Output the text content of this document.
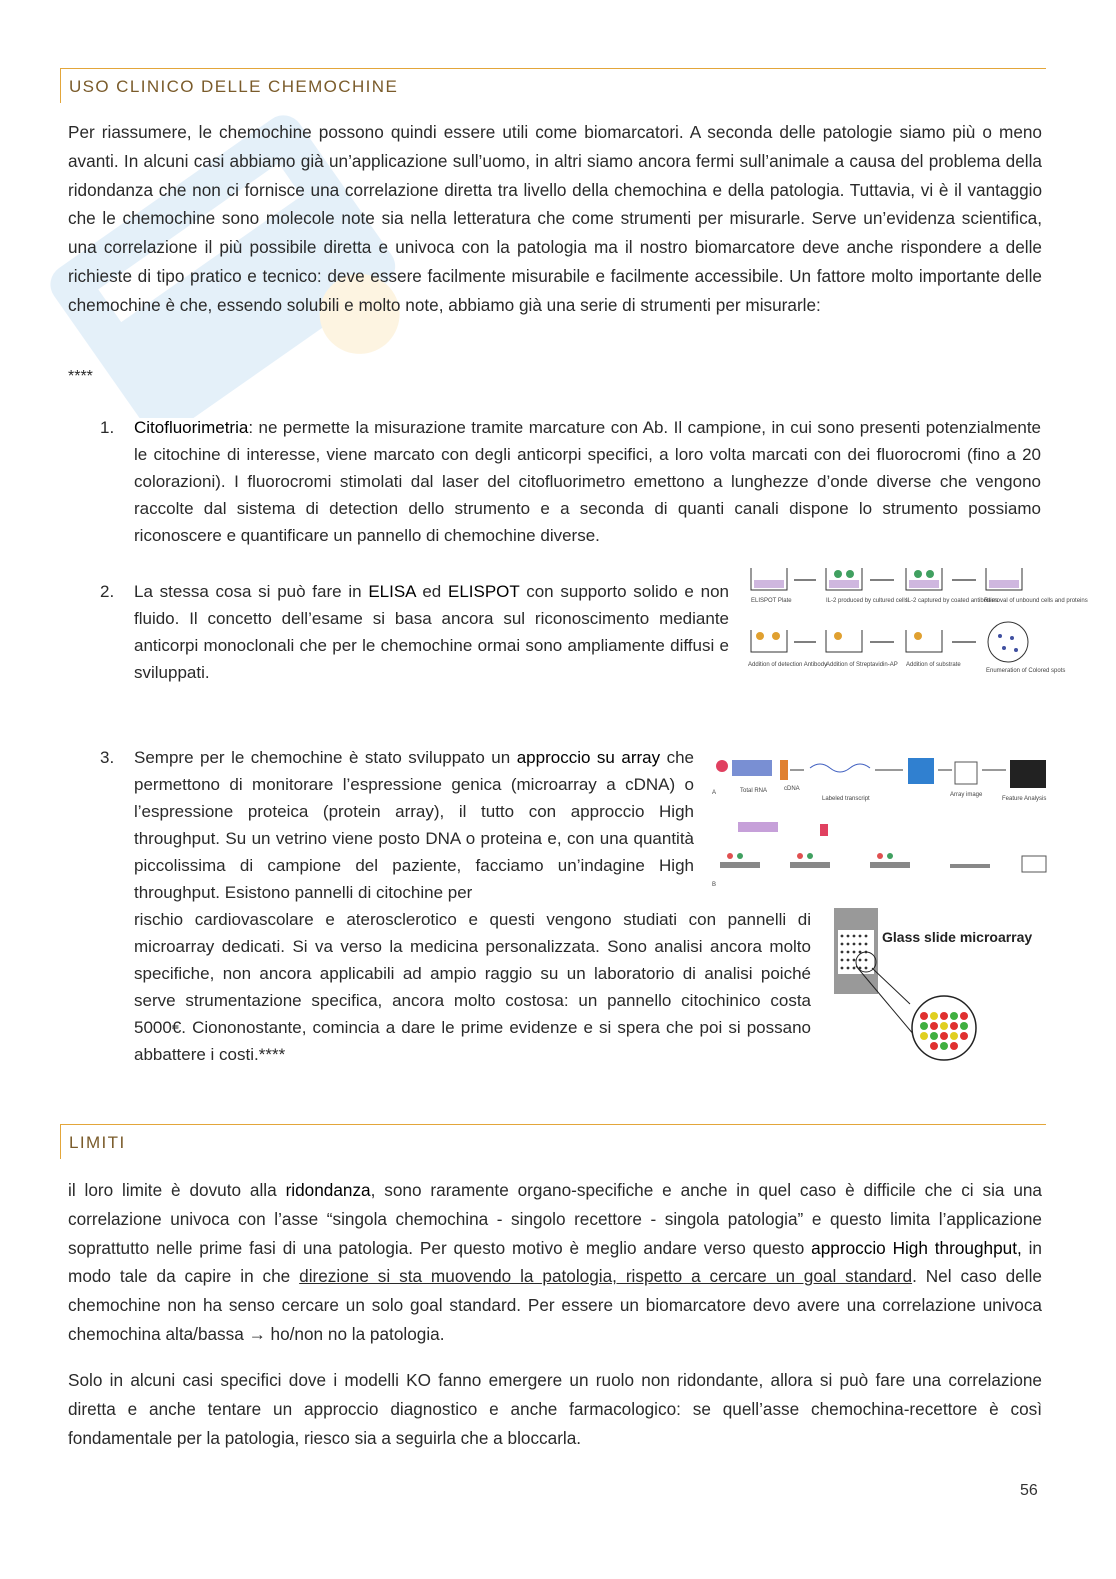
USO CLINICO DELLE CHEMOCHINE
Per riassumere, le chemochine possono quindi essere utili come biomarcatori. A seconda delle patologie siamo più o meno avanti. In alcuni casi abbiamo già un’applicazione sull’uomo, in altri siamo ancora fermi sull’animale a causa del problema della ridondanza che non ci fornisce una correlazione diretta tra livello della chemochina e della patologia. Tuttavia, vi è il vantaggio che le chemochine sono molecole note sia nella letteratura che come strumenti per misurarle. Serve un’evidenza scientifica, una correlazione il più possibile diretta e univoca con la patologia ma il nostro biomarcatore deve anche rispondere a delle richieste di tipo pratico e tecnico: deve essere facilmente misurabile e facilmente accessibile. Un fattore molto importante delle chemochine è che, essendo solubili e molto note, abbiamo già una serie di strumenti per misurarle:
****
1. Citofluorimetria: ne permette la misurazione tramite marcature con Ab. Il campione, in cui sono presenti potenzialmente le citochine di interesse, viene marcato con degli anticorpi specifici, a loro volta marcati con dei fluorocromi (fino a 20 colorazioni). I fluorocromi stimolati dal laser del citofluorimetro emettono a lunghezze d’onde diverse che vengono raccolte dal sistema di detection dello strumento e a seconda di quanti canali dispone lo strumento possiamo riconoscere e quantificare un pannello di chemochine diverse.

2. La stessa cosa si può fare in ELISA ed ELISPOT con supporto solido e non fluido. Il concetto dell’esame si basa ancora sul riconoscimento mediante anticorpi monoclonali che per le chemochine ormai sono ampliamente diffusi e sviluppati.

ELISPOT Plate	IL-2 produced by cultured cells
IL-2 captured by coated antibodies
Removal of unbound cells and proteins
Addition of detection Antibody
Addition of Streptavidin-AP Addition of substrate
Enumeration of Colored spots
3. Sempre per le chemochine è stato sviluppato un approccio su array che permettono di monitorare l’espressione genica (microarray a cDNA) o l’espressione proteica (protein array), il tutto con approccio High throughput. Su un vetrino viene posto DNA o proteina e, con una quantità piccolissima di campione del paziente, facciamo un’indagine High throughput. Esistono pannelli di citochine per

rischio cardiovascolare e aterosclerotico e questi vengono studiati con pannelli di microarray dedicati. Si va verso la medicina personalizzata. Sono analisi ancora molto specifiche, non ancora applicabili ad ampio raggio su un laboratorio di analisi poiché serve strumentazione specifica, ancora molto costosa: un pannello citochinico costa 5000€. Ciononostante, comincia a dare le prime evidenze e si spera che poi si possano abbattere i costi.****

A	Total RNA	cDNA
Labeled transcript
Array image
Feature Analysis
B
Glass slide microarray
LIMITI
il loro limite è dovuto alla ridondanza, sono raramente organo-specifiche e anche in quel caso è difficile che ci sia una correlazione univoca con l’asse “singola chemochina - singolo recettore - singola patologia” e questo limita l’applicazione soprattutto nelle prime fasi di una patologia. Per questo motivo è meglio andare verso questo approccio High throughput, in modo tale da capire in che direzione si sta muovendo la patologia, rispetto a cercare un goal standard. Nel caso delle chemochine non ha senso cercare un solo goal standard. Per essere un biomarcatore devo avere una correlazione univoca chemochina alta/bassa → ho/non no la patologia.
Solo in alcuni casi specifici dove i modelli KO fanno emergere un ruolo non ridondante, allora si può fare una correlazione diretta e anche tentare un approccio diagnostico e anche farmacologico: se quell’asse chemochina-recettore è così fondamentale per la patologia, riesco sia a seguirla che a bloccarla.
56
